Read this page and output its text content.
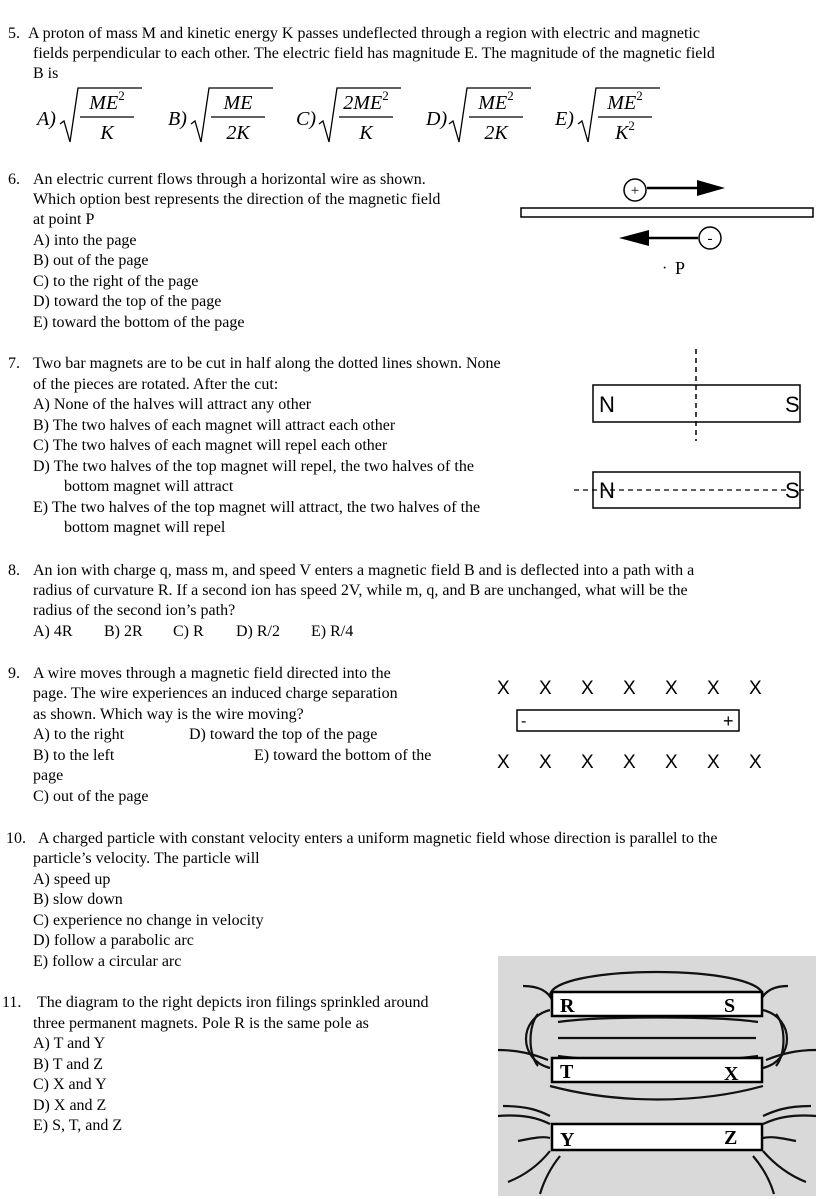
5. A proton of mass M and kinetic energy K passes undeflected through a region with electric and magnetic
fields perpendicular to each other. The electric field has magnitude E. The magnitude of the magnetic field
B is
A)
$ME^2$
K
B)
ME
2K
C)
$2ME^2$
K
D)
$ME^2$
2K
E)
$ME^2$
$K^2$
6. An electric current flows through a horizontal wire as shown.
Which option best represents the direction of the magnetic field
at point P
A) into the page
B) out of the page
C) to the right of the page
D) toward the top of the page
E) toward the bottom of the page
+
-
· P
7. Two bar magnets are to be cut in half along the dotted lines shown. None
of the pieces are rotated. After the cut:
A) None of the halves will attract any other
B) The two halves of each magnet will attract each other
C) The two halves of each magnet will repel each other
D) The two halves of the top magnet will repel, the two halves of the
bottom magnet will attract
E) The two halves of the top magnet will attract, the two halves of the
bottom magnet will repel
N	S
N	S
8. An ion with charge q, mass m, and speed V enters a magnetic field B and is deflected into a path with a
radius of curvature R. If a second ion has speed 2V, while m, q, and B are unchanged, what will be the
radius of the second ion’s path?
A) 4R B) 2R C) R D) R/2 E) R/4
9. A wire moves through a magnetic field directed into the
page. The wire experiences an induced charge separation
as shown. Which way is the wire moving?
A) to the right	D) toward the top of the page
B) to the left	E) toward the bottom of the
page
C) out of the page
X X X X X X X
-	+
X X X X X X X
10. A charged particle with constant velocity enters a uniform magnetic field whose direction is parallel to the
particle’s velocity. The particle will
A) speed up
B) slow down
C) experience no change in velocity
D) follow a parabolic arc
E) follow a circular arc
11. The diagram to the right depicts iron filings sprinkled around
three permanent magnets. Pole R is the same pole as
A) T and Y
B) T and Z
C) X and Y
D) X and Z
E) S, T, and Z
R	S
T	X
Y	Z
